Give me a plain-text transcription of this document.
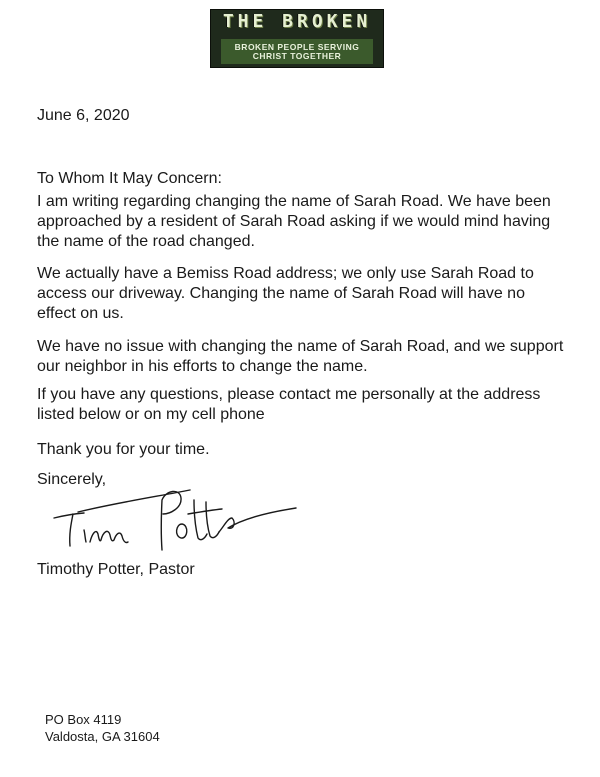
THE BROKEN
BROKEN PEOPLE SERVING
CHRIST TOGETHER

June 6, 2020

To Whom It May Concern:

I am writing regarding changing the name of Sarah Road. We have been approached by a resident of Sarah Road asking if we would mind having the name of the road changed.

We actually have a Bemiss Road address; we only use Sarah Road to access our driveway. Changing the name of Sarah Road will have no effect on us.

We have no issue with changing the name of Sarah Road, and we support our neighbor in his efforts to change the name.

If you have any questions, please contact me personally at the address listed below or on my cell phone

Thank you for your time.

Sincerely,

Timothy Potter, Pastor

PO Box 4119
Valdosta, GA 31604
